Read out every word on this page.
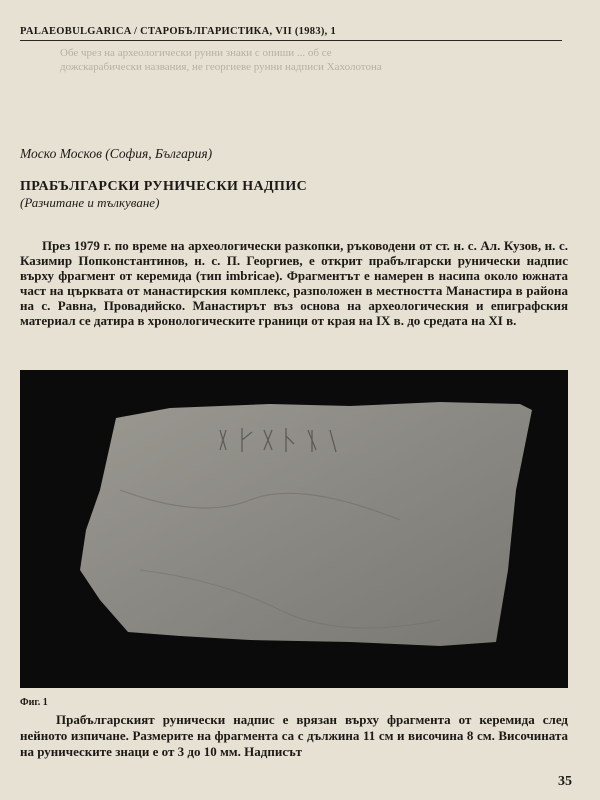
PALAEOBULGARICA / СТАРОБЪЛГАРИСТИКА, VII (1983), 1
Обе чрез на археологически рунни знаки с опиши ... об се
дожскарабически названия, не георгиеве рунни надписи Хахолотона
Моско Москов (София, България)
ПРАБЪЛГАРСКИ РУНИЧЕСКИ НАДПИС
(Разчитане и тълкуване)
През 1979 г. по време на археологически разкопки, ръководени от ст. н. с. Ал. Кузов, н. с. Казимир Попконстантинов, н. с. П. Георгиев, е открит прабългарски рунически надпис върху фрагмент от керемида (тип imbricae). Фрагментът е намерен в насипа около южната част на църквата от манастирския комплекс, разположен в местността Манастира в района на с. Равна, Провадийско. Манастирът въз основа на археологическия и епиграфския материал се датира в хронологическите граници от края на IX в. до средата на XI в.
Фиг. 1
Прабългарският рунически надпис е врязан върху фрагмента от керемида след нейното изпичане. Размерите на фрагмента са с дължина 11 см и височина 8 см. Височината на руническите знаци е от 3 до 10 мм. Надписът
35
